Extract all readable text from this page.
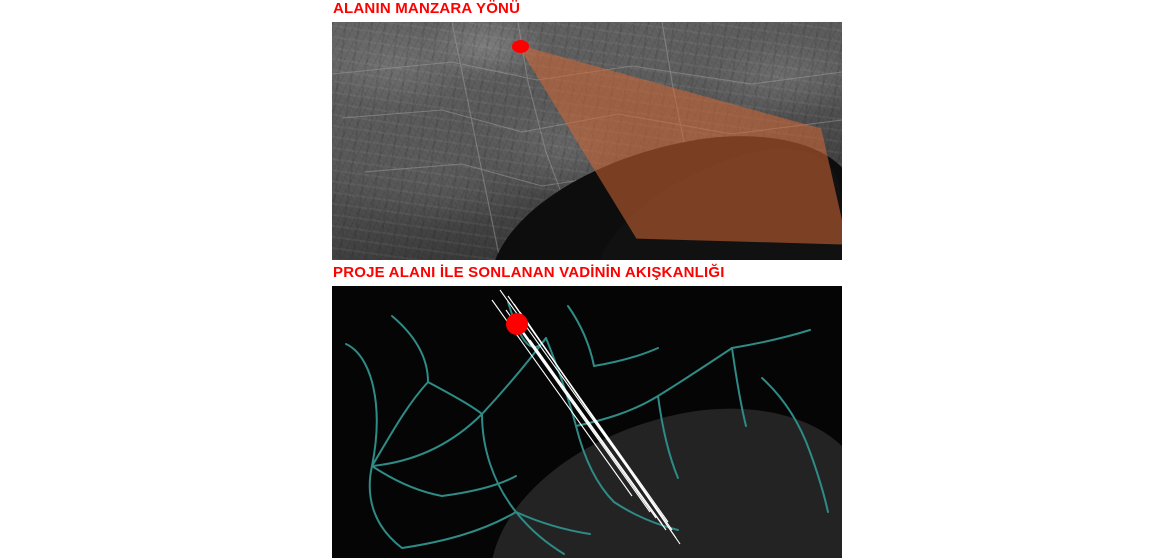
ALANIN MANZARA YÖNÜ
PROJE ALANI İLE SONLANAN VADİNİN AKIŞKANLIĞI
